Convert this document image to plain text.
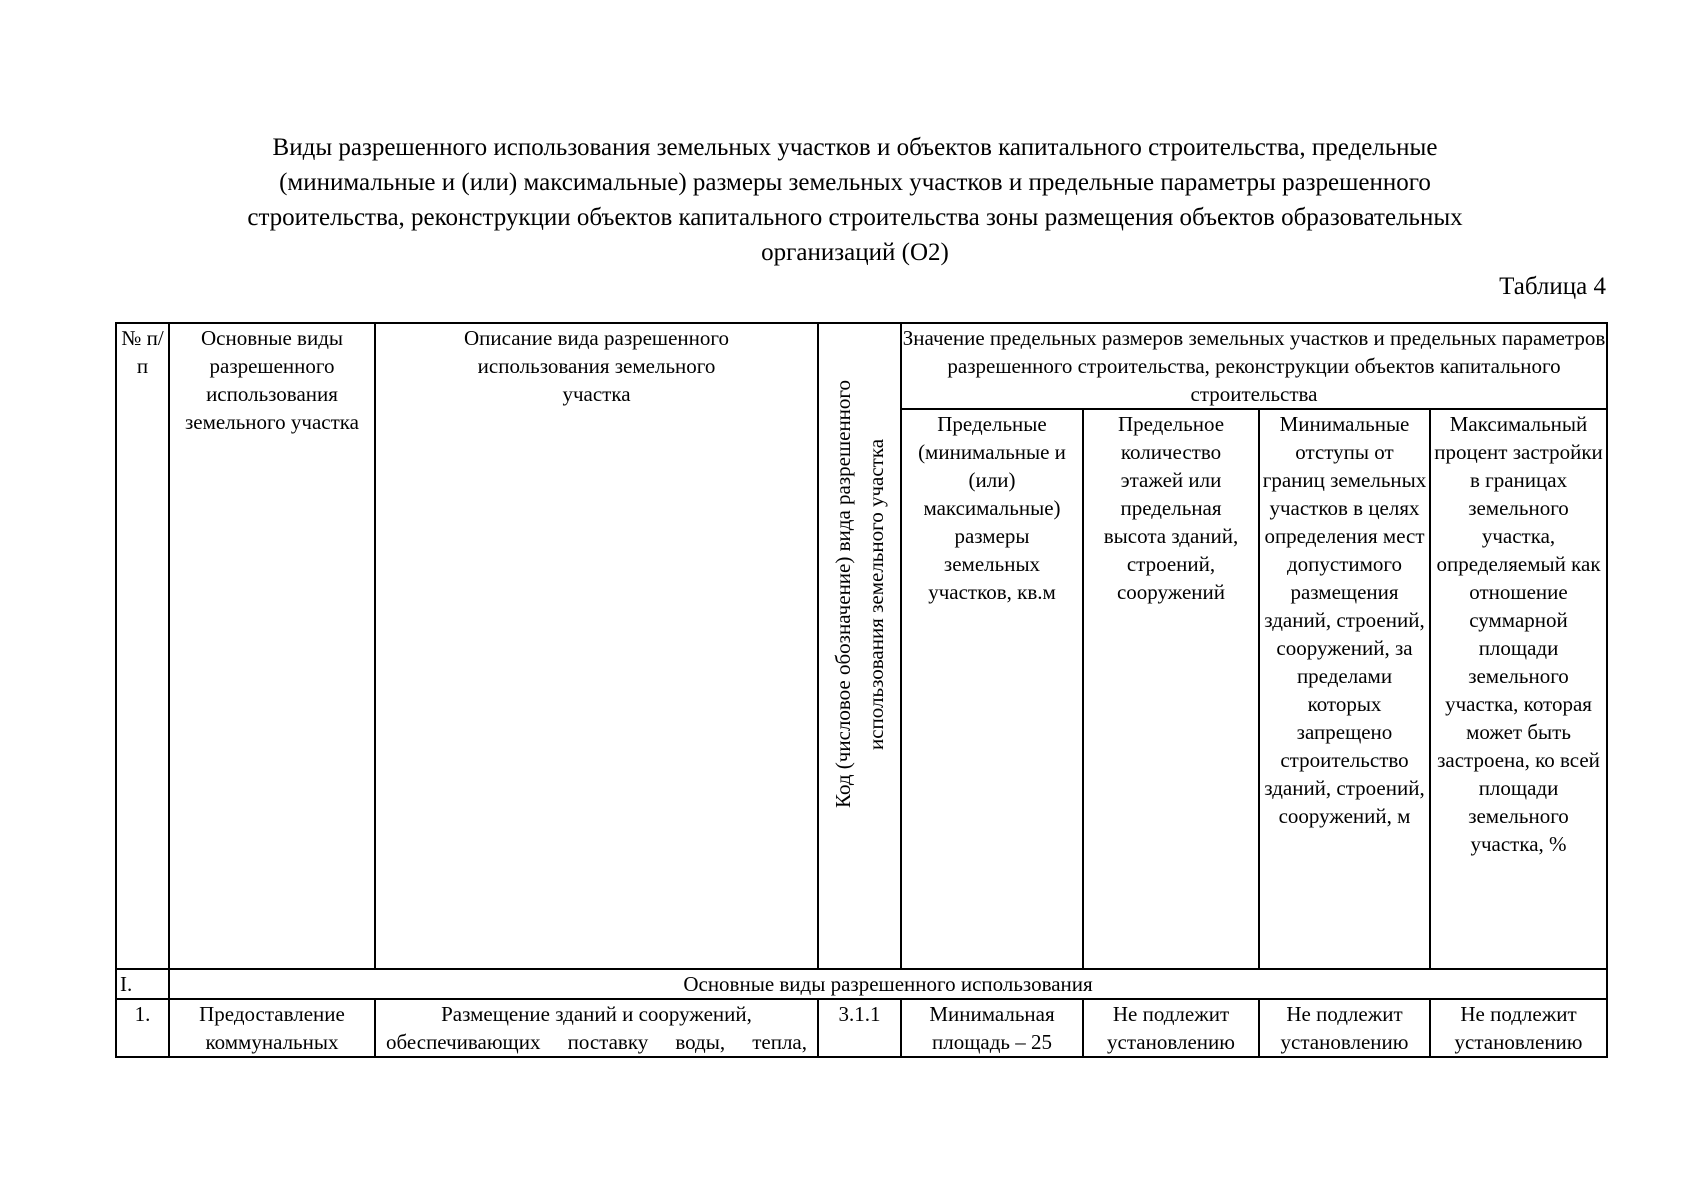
Виды разрешенного использования земельных участков и объектов капитального строительства, предельные
(минимальные и (или) максимальные) размеры земельных участков и предельные параметры разрешенного
строительства, реконструкции объектов капитального строительства зоны размещения объектов образовательных
организаций (О2)
Таблица 4
№ п/п	Основные виды разрешенного использования земельного участка	Описание вида разрешенного использования земельного участка	Код (числовое обозначение) вида разрешенного использования земельного участка	Значение предельных размеров земельных участков и предельных параметров разрешенного строительства, реконструкции объектов капитального строительства			
				Предельные (минимальные и (или) максимальные) размеры земельных участков, кв.м	Предельное количество этажей или предельная высота зданий, строений, сооружений	Минимальные отступы от границ земельных участков в целях определения мест допустимого размещения зданий, строений, сооружений, за пределами которых запрещено строительство зданий, строений, сооружений, м	Максимальный процент застройки в границах земельного участка, определяемый как отношение суммарной площади земельного участка, которая может быть застроена, ко всей площади земельного участка, %
I.	Основные виды разрешенного использования						
1.	Предоставление коммунальных	Размещение зданий и сооружений, обеспечивающих поставку воды, тепла,	3.1.1	Минимальная площадь – 25	Не подлежит установлению	Не подлежит установлению	Не подлежит установлению
